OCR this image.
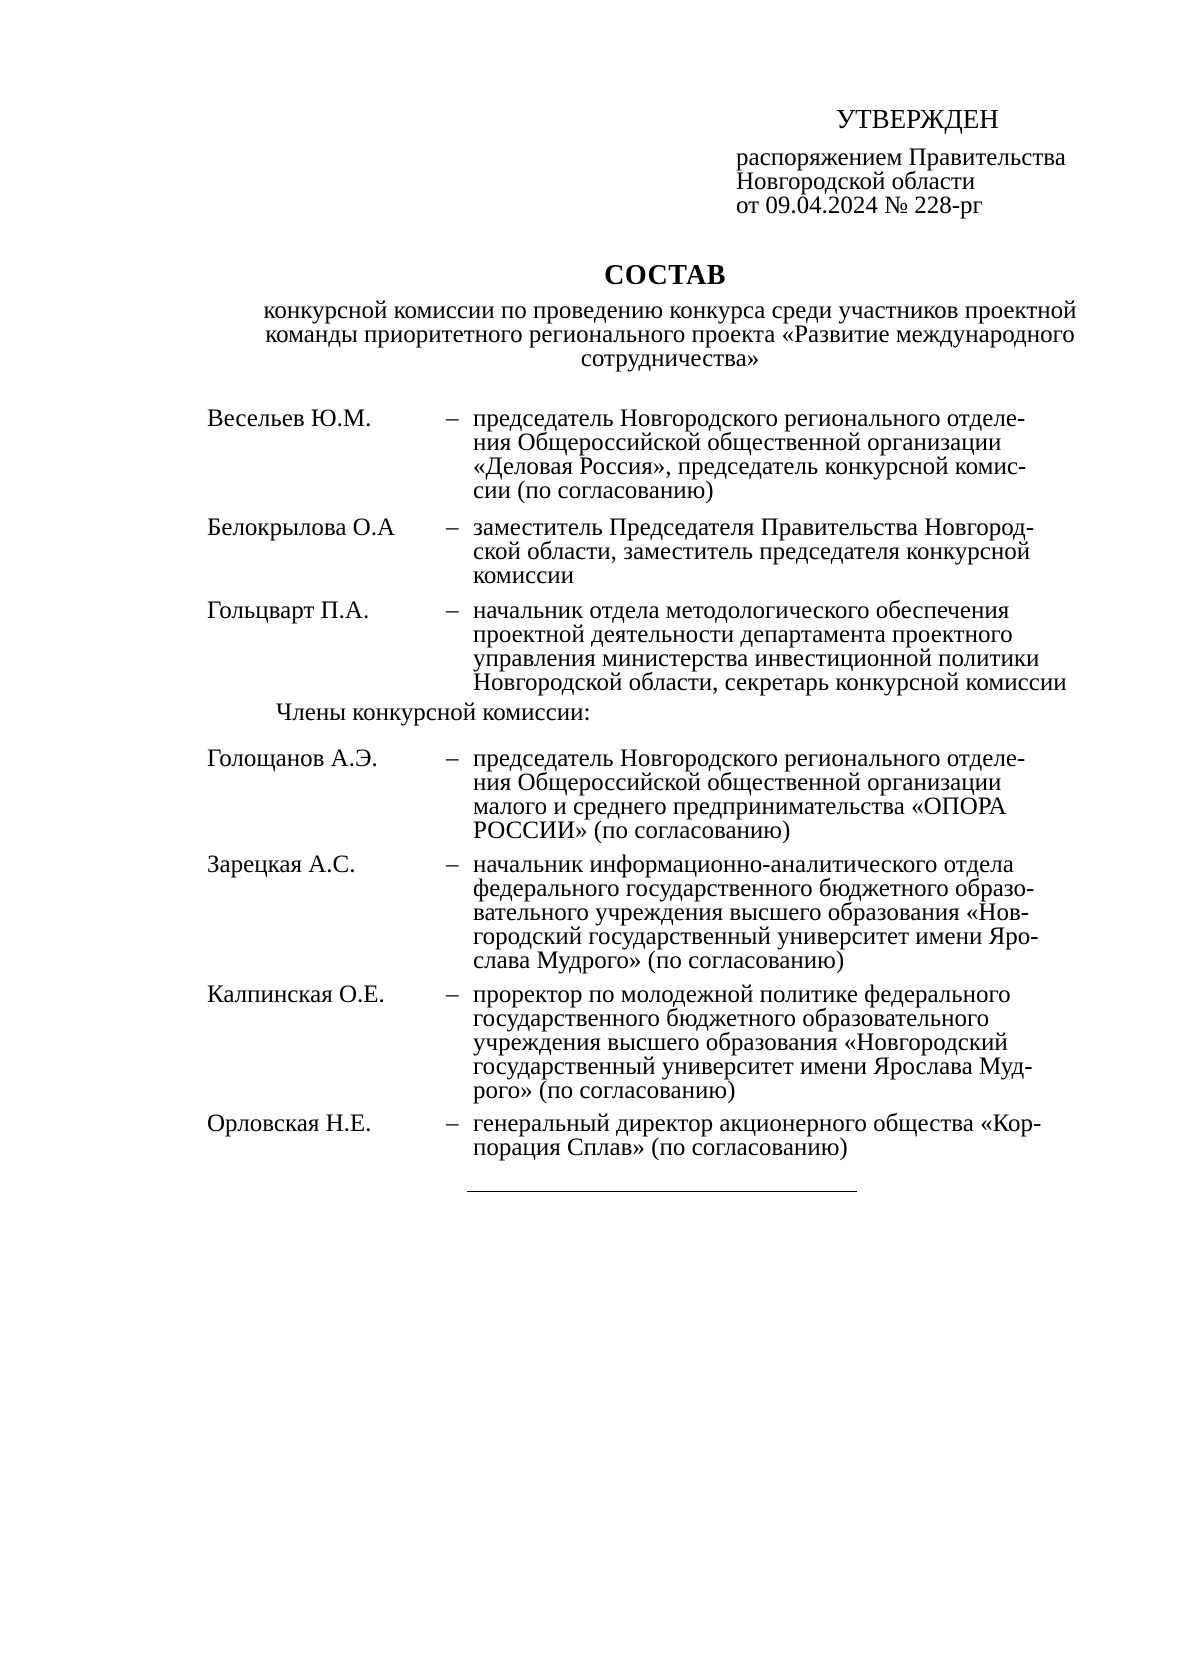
УТВЕРЖДЕН
распоряжением Правительства
Новгородской области
от 09.04.2024 № 228-рг
СОСТАВ
конкурсной комиссии по проведению конкурса среди участников проектной
команды приоритетного регионального проекта «Развитие международного
сотрудничества»
Весельев Ю.М.	– председатель Новгородского регионального отделе-
ния Общероссийской общественной организации
«Деловая Россия», председатель конкурсной комис-
сии (по согласованию)
Белокрылова О.А – заместитель Председателя Правительства Новгород-
ской области, заместитель председателя конкурсной
комиссии
Гольцварт П.А.	– начальник отдела методологического обеспечения
проектной деятельности департамента проектного
управления министерства инвестиционной политики
Новгородской области, секретарь конкурсной комиссии
Члены конкурсной комиссии:
Голощанов А.Э.	– председатель Новгородского регионального отделе-
ния Общероссийской общественной организации
малого и среднего предпринимательства «ОПОРА
РОССИИ» (по согласованию)
Зарецкая А.С.	– начальник информационно-аналитического отдела
федерального государственного бюджетного образо-
вательного учреждения высшего образования «Нов-
городский государственный университет имени Яро-
слава Мудрого» (по согласованию)
Калпинская О.Е. – проректор по молодежной политике федерального
государственного бюджетного образовательного
учреждения высшего образования «Новгородский
государственный университет имени Ярослава Муд-
рого» (по согласованию)
Орловская Н.Е.	– генеральный директор акционерного общества «Кор-
порация Сплав» (по согласованию)
